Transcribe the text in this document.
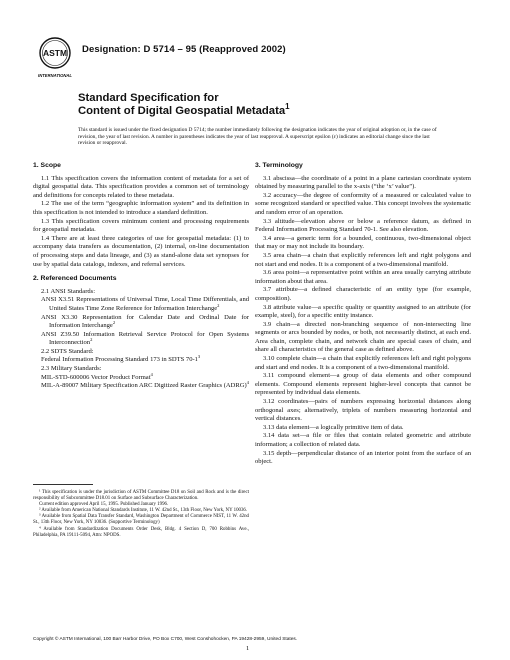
ASTM
INTERNATIONAL
Designation: D 5714 – 95 (Reapproved 2002)
Standard Specification for
Content of Digital Geospatial Metadata$^1$
This standard is issued under the fixed designation D 5714; the number immediately following the designation indicates the year of original adoption or, in the case of revision, the year of last revision. A number in parentheses indicates the year of last reapproval. A superscript epsilon (ε) indicates an editorial change since the last revision or reapproval.
1. Scope

1.1 This specification covers the information content of metadata for a set of digital geospatial data. This specification provides a common set of terminology and definitions for concepts related to these metadata.

1.2 The use of the term “geographic information system” and its definition in this specification is not intended to introduce a standard definition.

1.3 This specification covers minimum content and processing requirements for geospatial metadata.

1.4 There are at least three categories of use for geospatial metadata: (1) to accompany data transfers as documentation, (2) internal, on-line documentation of processing steps and data lineage, and (3) as stand-alone data set synopses for use by spatial data catalogs, indexes, and referral services.

2. Referenced Documents

2.1 ANSI Standards:

ANSI X3.51 Representations of Universal Time, Local Time Differentials, and United States Time Zone Reference for Information Interchange$^2$

ANSI X3.30 Representation for Calendar Date and Ordinal Date for Information Interchange$^2$

ANSI Z39.50 Information Retrieval Service Protocol for Open Systems Interconnection$^2$

2.2 SDTS Standard:

Federal Information Processing Standard 173 in SDTS $70-1^3$

2.3 Military Standards:

MIL-STD-600006 Vector Product Format$^4$

MIL-A-89007 Military Specification ARC Digitized Raster Graphics (ADRG)$^4$

¹ This specification is under the jurisdiction of ASTM Committee D18 on Soil and Rock and is the direct responsibility of Subcommittee D18.01 on Surface and Subsurface Characterization.

Current edition approved April 15, 1995. Published January 1996.

² Available from American National Standards Institute, 11 W. 42nd St., 13th Floor, New York, NY 10036.

³ Available from Spatial Data Transfer Standard, Washington Department of Commerce NIST, 11 W. 42nd St., 13th Floor, New York, NY 10036. (Supportive Terminology)

⁴ Available from Standardization Documents Order Desk, Bldg. 4 Section D, 700 Robbins Ave., Philadelphia, PA 19111-5094, Attn: NPODS.

3. Terminology

3.1 abscissa—the coordinate of a point in a plane cartesian coordinate system obtained by measuring parallel to the x-axis (“the ‘x’ value”).

3.2 accuracy—the degree of conformity of a measured or calculated value to some recognized standard or specified value. This concept involves the systematic and random error of an operation.

3.3 altitude—elevation above or below a reference datum, as defined in Federal Information Processing Standard 70-1. See also elevation.

3.4 area—a generic term for a bounded, continuous, two-dimensional object that may or may not include its boundary.

3.5 area chain—a chain that explicitly references left and right polygons and not start and end nodes. It is a component of a two-dimensional manifold.

3.6 area point—a representative point within an area usually carrying attribute information about that area.

3.7 attribute—a defined characteristic of an entity type (for example, composition).

3.8 attribute value—a specific quality or quantity assigned to an attribute (for example, steel), for a specific entity instance.

3.9 chain—a directed non-branching sequence of non-intersecting line segments or arcs bounded by nodes, or both, not necessarily distinct, at each end. Area chain, complete chain, and network chain are special cases of chain, and share all characteristics of the general case as defined above.

3.10 complete chain—a chain that explicitly references left and right polygons and start and end nodes. It is a component of a two-dimensional manifold.

3.11 compound element—a group of data elements and other compound elements. Compound elements represent higher-level concepts that cannot be represented by individual data elements.

3.12 coordinates—pairs of numbers expressing horizontal distances along orthogonal axes; alternatively, triplets of numbers measuring horizontal and vertical distances.

3.13 data element—a logically primitive item of data.

3.14 data set—a file or files that contain related geometric and attribute information; a collection of related data.

3.15 depth—perpendicular distance of an interior point from the surface of an object.

Copyright © ASTM International, 100 Barr Harbor Drive, PO Box C700, West Conshohocken, PA 19428-2959, United States.
1
